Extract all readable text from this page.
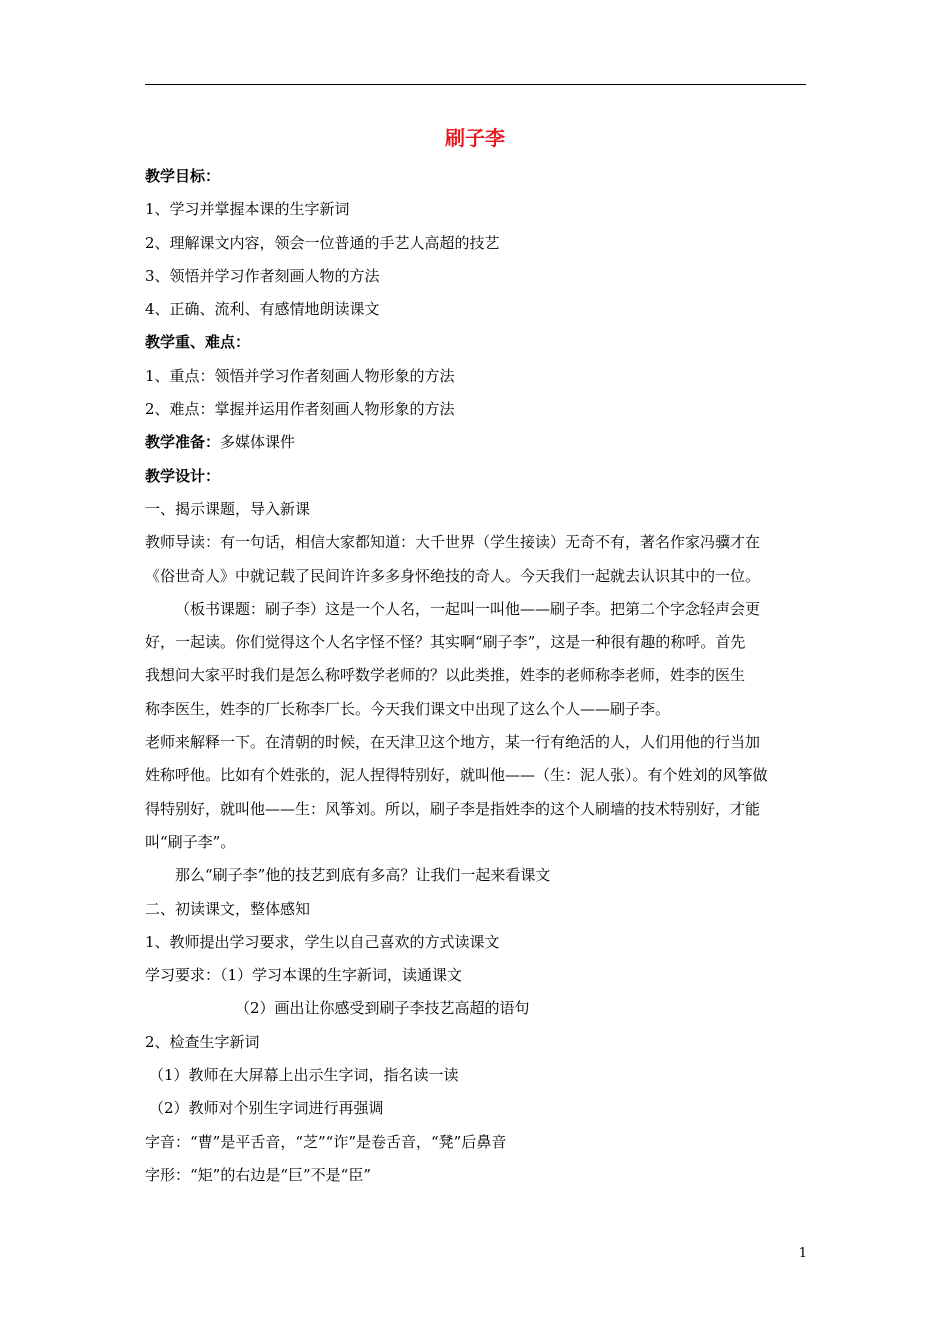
刷子李

教学目标：

1、学习并掌握本课的生字新词

2、理解课文内容，领会一位普通的手艺人高超的技艺

3、领悟并学习作者刻画人物的方法

4、正确、流利、有感情地朗读课文

教学重、难点：

1、重点：领悟并学习作者刻画人物形象的方法

2、难点：掌握并运用作者刻画人物形象的方法

教学准备：多媒体课件

教学设计：

一、揭示课题，导入新课

教师导读：有一句话，相信大家都知道：大千世界（学生接读）无奇不有，著名作家冯骥才在

《俗世奇人》中就记载了民间许许多多身怀绝技的奇人。今天我们一起就去认识其中的一位。

（板书课题：刷子李）这是一个人名，一起叫一叫他——刷子李。把第二个字念轻声会更

好，一起读。你们觉得这个人名字怪不怪？其实啊“刷子李”，这是一种很有趣的称呼。首先

我想问大家平时我们是怎么称呼数学老师的？以此类推，姓李的老师称李老师，姓李的医生

称李医生，姓李的厂长称李厂长。今天我们课文中出现了这么个人——刷子李。

老师来解释一下。在清朝的时候，在天津卫这个地方，某一行有绝活的人，人们用他的行当加

姓称呼他。比如有个姓张的，泥人捏得特别好，就叫他——（生：泥人张）。有个姓刘的风筝做

得特别好，就叫他——生：风筝刘。所以，刷子李是指姓李的这个人刷墙的技术特别好，才能

叫“刷子李”。

那么“刷子李”他的技艺到底有多高？让我们一起来看课文

二、初读课文，整体感知

1、教师提出学习要求，学生以自己喜欢的方式读课文

学习要求：（1）学习本课的生字新词，读通课文

（2）画出让你感受到刷子李技艺高超的语句

2、检查生字新词

（1）教师在大屏幕上出示生字词，指名读一读

（2）教师对个别生字词进行再强调

字音：“曹”是平舌音，“芝”“诈”是卷舌音，“凳”后鼻音

字形：“矩”的右边是“巨”不是“臣”

1
